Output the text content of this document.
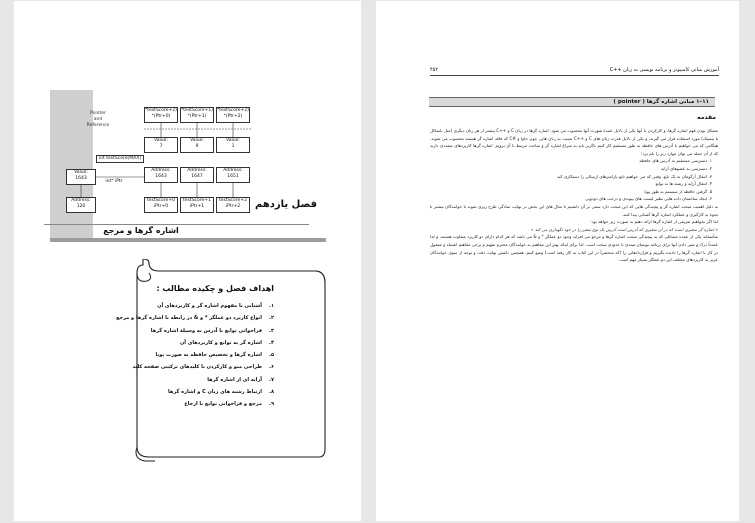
Pointer
and
Reference
*testScore+2)
*(Ptr+0)
*testScore+1)
*(Ptr+1)
*testScore+2)
*(Ptr+2)
Value:
7
Value:
9
Value:
1
int testScore[MAX]
Address:
1643
Address:
1647
Address:
1651
Value:
1643
int* iPtr
Address:
120
testScore+0
iPtr+0
testScore+1
iPtr+1
testScore+2
iPtr+2	فصل یازدهم
اشاره گرها و مرجع
اهداف فصل و چکیده مطالب :
۱.آشنایی با مفهوم اشاره گر و کاربردهای آن
۲.انواع کاربرد دو عملگر * و & در رابطه با اشاره گرها و مرجع
۳.فراخوانی توابع با آدرس به وسیلهٔ اشاره گرها
۴.اشاره گر به توابع و کاربردهای آن
۵.اشاره گرها و تخصیص حافظه به صورت پویا
۶.طراحی منو و کارکردن با کلیدهای ترکیبی صفحه کلید
۷.آرایه ای از اشاره گرها
۸.ارتباط رشته های زبان C و اشاره گرها
۹.مرجع و فراخوانی توابع با ارجاع
آموزش مبانی کامپیوتر و برنامه نویسی به زبان ++C
۴۵۲
۱۱–۱ مبانی اشاره گرها ( pointer )
مقدمه

مشکل بودن فهم اشاره گرها، و کارکردن با آنها یکی از دلایل عمدهٔ شهرت آنها محسوب می شود. اشاره گرها در زبان C و ++C بیشتر از هر زبان دیگری (مثل پاسکال یا بیسیک) مورد استفاده قرار می گیرند، و یکی از دلایل قدرت زبان های C و ++C نسبت به زبان هایی چون جاوا و #C که فاقد اشاره گر هستند محسوب می شوند. هنگامی که می خواهیم با آدرس های حافظه به طور مستقیم کار کنیم ناگزیر باید به سراغ اشاره گر و مباحث مرتبط با آن برویم. اشاره گرها کاربردهای متعددی دارند که از آن جمله می توان موارد زیر را نام برد:

۱. دسترسی مستقیم به آدرس های حافظه
۲. دسترسی به عضوهای آرایه
۳. انتقال آرگومان به یک تابع، وقتی که می خواهیم تابع پارامترهای ارسالی را دستکاری کند
۴. انتقال آرایه و رشته ها به توابع
۵. گرفتن حافظه از سیستم به طور پویا
۶. ایجاد ساختمان داده هایی نظیر لیست های پیوندی و درخت های دودویی

به دلیل اهمیت مبحث اشاره گر و پیچیدگی هایی که این مبحث دارد سعی بر آن داشتیم تا مثال های این بخش در نهایت سادگی طرح ریزی شوند تا خوانندگان بیشتر با نحوهٔ به کارگیری و عملکرد اشاره گرها آشنایی پیدا کنند.

اما اگر بخواهیم تعریفی از اشاره گرها ارائه دهیم به صورت زیر خواهد بود:

« اشاره گر متغیری است که در آن متغیری که آدرس است آدرس یک نوع متغیر را در خود نگهداری می کند »

متأسفانه یکی از عمده مسائلی که به پیچیدگی مبحث اشاره گرها و مرجع می افزاید وجود دو عملگر * و & می باشد که هر کدام دارای دو کاربرد متفاوت هستند، و لذا عمدتاً درک و تمیز دادن آنها برای برنامه نویسان مبتدی تا حدودی سخت است. لذا برای اینکه بهتر این مفاهیم به خوانندگان محترم تفهیم و برخی مفاهیم اشتباه و معمول در کار با اشاره گرها را نادیده بگیریم و قراردادهایی را (که منحصراً در این کتاب به کار رفته است) وضع کنیم. همچنین داشتن نهایت دقت و توجه از سوی خوانندگان عزیز به کاربردهای مختلف این دو عملگر بسیار مهم است.
